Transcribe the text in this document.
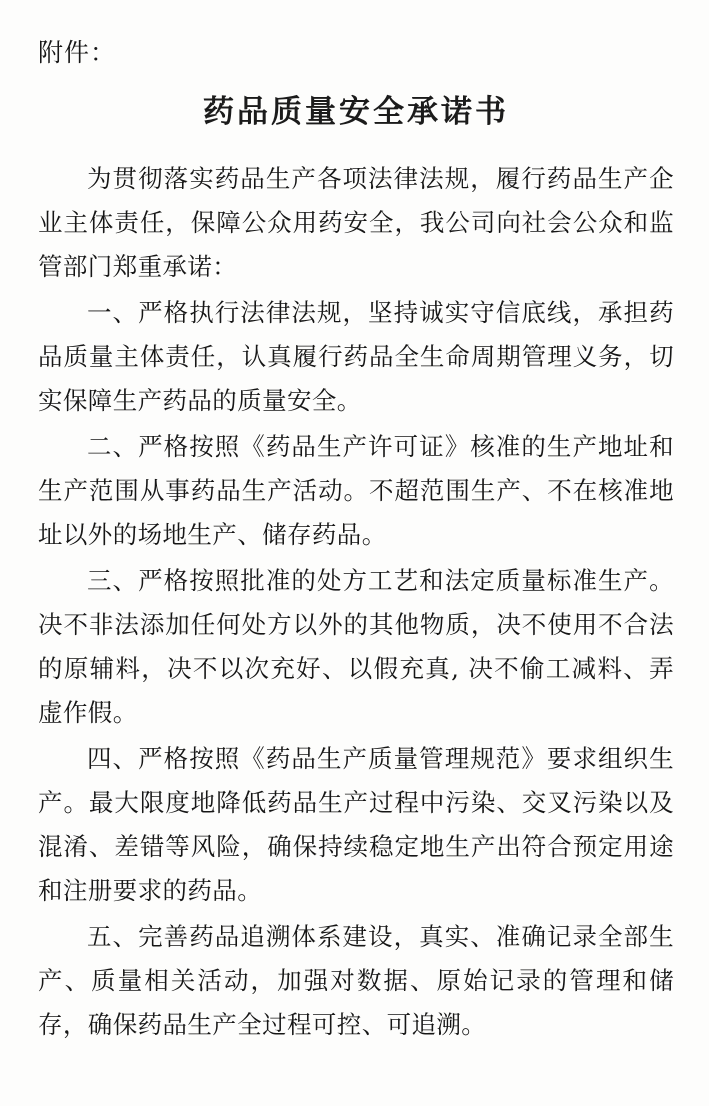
附件：
药品质量安全承诺书

为贯彻落实药品生产各项法律法规，履行药品生产企业主体责任，保障公众用药安全，我公司向社会公众和监管部门郑重承诺：

一、严格执行法律法规，坚持诚实守信底线，承担药品质量主体责任，认真履行药品全生命周期管理义务，切实保障生产药品的质量安全。

二、严格按照《药品生产许可证》核准的生产地址和生产范围从事药品生产活动。不超范围生产、不在核准地址以外的场地生产、储存药品。

三、严格按照批准的处方工艺和法定质量标准生产。决不非法添加任何处方以外的其他物质，决不使用不合法的原辅料，决不以次充好、以假充真, 决不偷工减料、弄虚作假。

四、严格按照《药品生产质量管理规范》要求组织生产。最大限度地降低药品生产过程中污染、交叉污染以及混淆、差错等风险，确保持续稳定地生产出符合预定用途和注册要求的药品。

五、完善药品追溯体系建设，真实、准确记录全部生产、质量相关活动，加强对数据、原始记录的管理和储存，确保药品生产全过程可控、可追溯。
